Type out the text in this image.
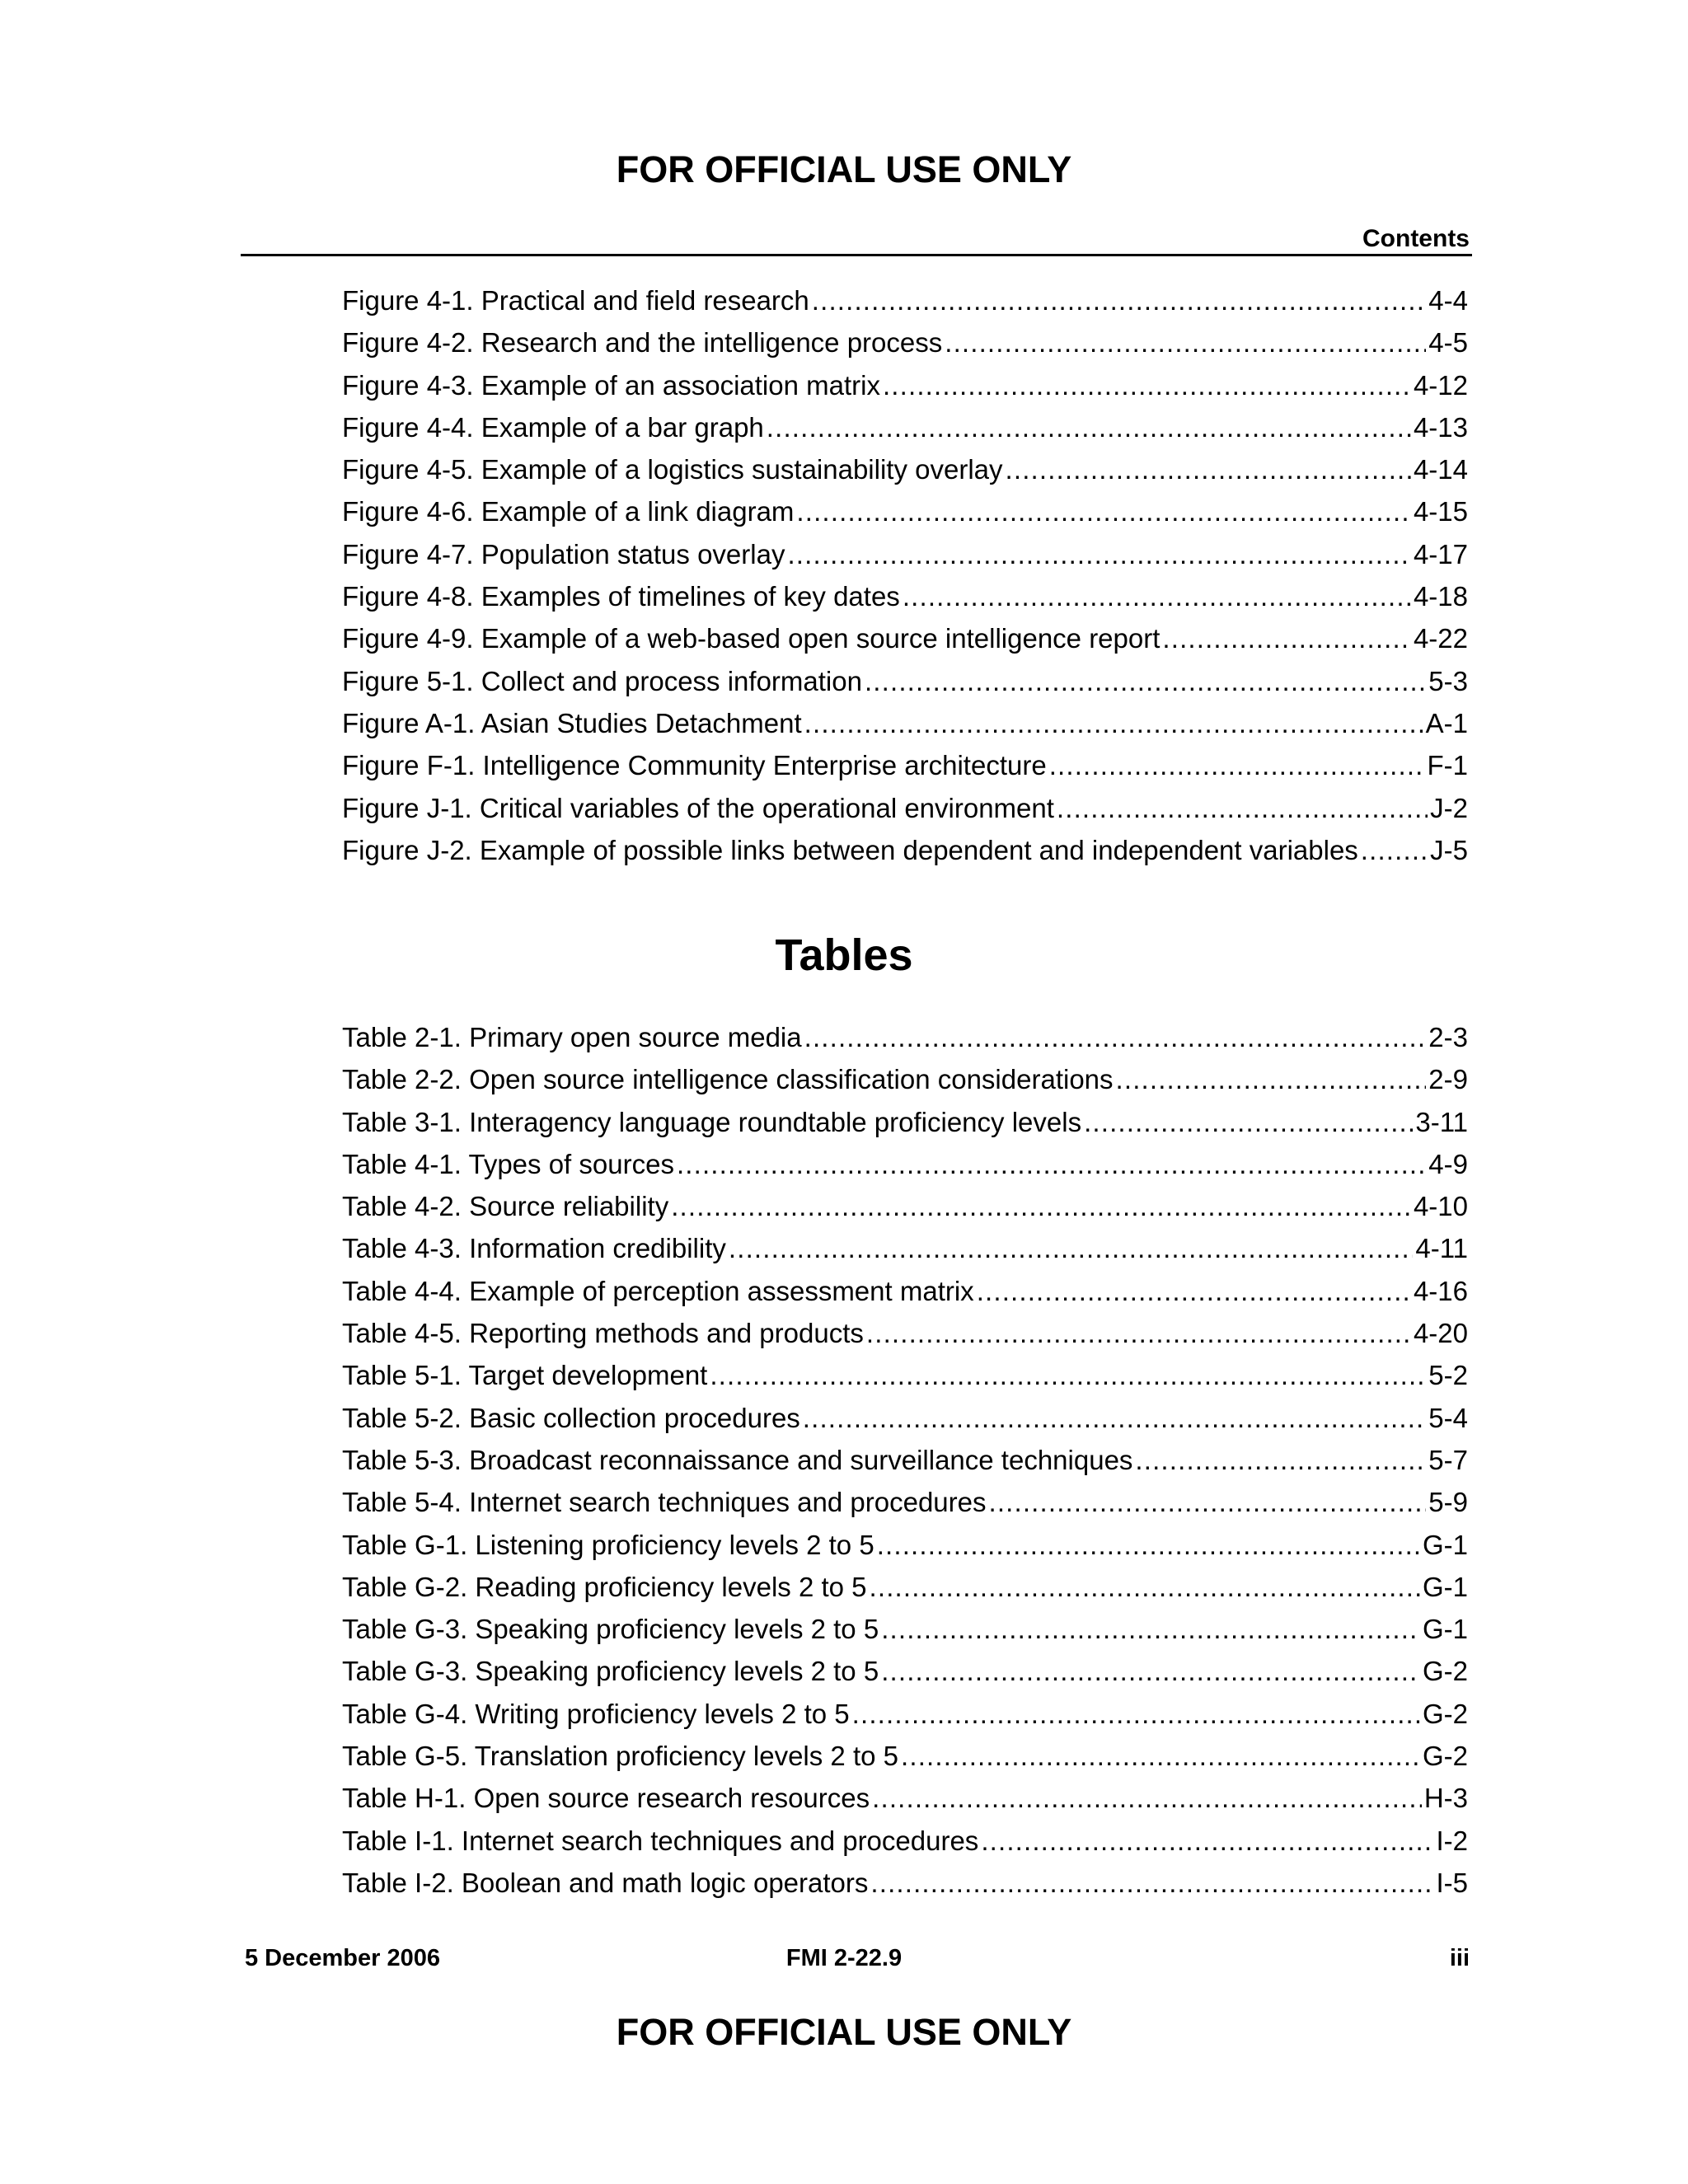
FOR OFFICIAL USE ONLY
Contents
Figure 4-1. Practical and field research . . .	4-4
Figure 4-2. Research and the intelligence process . . .	4-5
Figure 4-3. Example of an association matrix . . .	4-12
Figure 4-4. Example of a bar graph . . .	4-13
Figure 4-5. Example of a logistics sustainability overlay . . .	4-14
Figure 4-6. Example of a link diagram . . .	4-15
Figure 4-7. Population status overlay . . .	4-17
Figure 4-8. Examples of timelines of key dates . . .	4-18
Figure 4-9. Example of a web-based open source intelligence report . . .	4-22
Figure 5-1. Collect and process information . . .	5-3
Figure A-1. Asian Studies Detachment . . .	A-1
Figure F-1. Intelligence Community Enterprise architecture . . .	F-1
Figure J-1. Critical variables of the operational environment . . .	J-2
Figure J-2. Example of possible links between dependent and independent variables . . .	J-5
Tables
Table 2-1. Primary open source media . . .	2-3
Table 2-2. Open source intelligence classification considerations . . .	2-9
Table 3-1. Interagency language roundtable proficiency levels . . .	3-11
Table 4-1. Types of sources . . .	4-9
Table 4-2. Source reliability . . .	4-10
Table 4-3. Information credibility . . .	4-11
Table 4-4. Example of perception assessment matrix . . .	4-16
Table 4-5. Reporting methods and products . . .	4-20
Table 5-1. Target development . . .	5-2
Table 5-2. Basic collection procedures . . .	5-4
Table 5-3. Broadcast reconnaissance and surveillance techniques . . .	5-7
Table 5-4. Internet search techniques and procedures . . .	5-9
Table G-1. Listening proficiency levels 2 to 5 . . .	G-1
Table G-2. Reading proficiency levels 2 to 5 . . .	G-1
Table G-3. Speaking proficiency levels 2 to 5 . . .	G-1
Table G-3. Speaking proficiency levels 2 to 5 . . .	G-2
Table G-4. Writing proficiency levels 2 to 5 . . .	G-2
Table G-5. Translation proficiency levels 2 to 5 . . .	G-2
Table H-1. Open source research resources . . .	H-3
Table I-1. Internet search techniques and procedures . . .	I-2
Table I-2. Boolean and math logic operators . . .	I-5
5 December 2006	FMI 2-22.9	iii
FOR OFFICIAL USE ONLY
